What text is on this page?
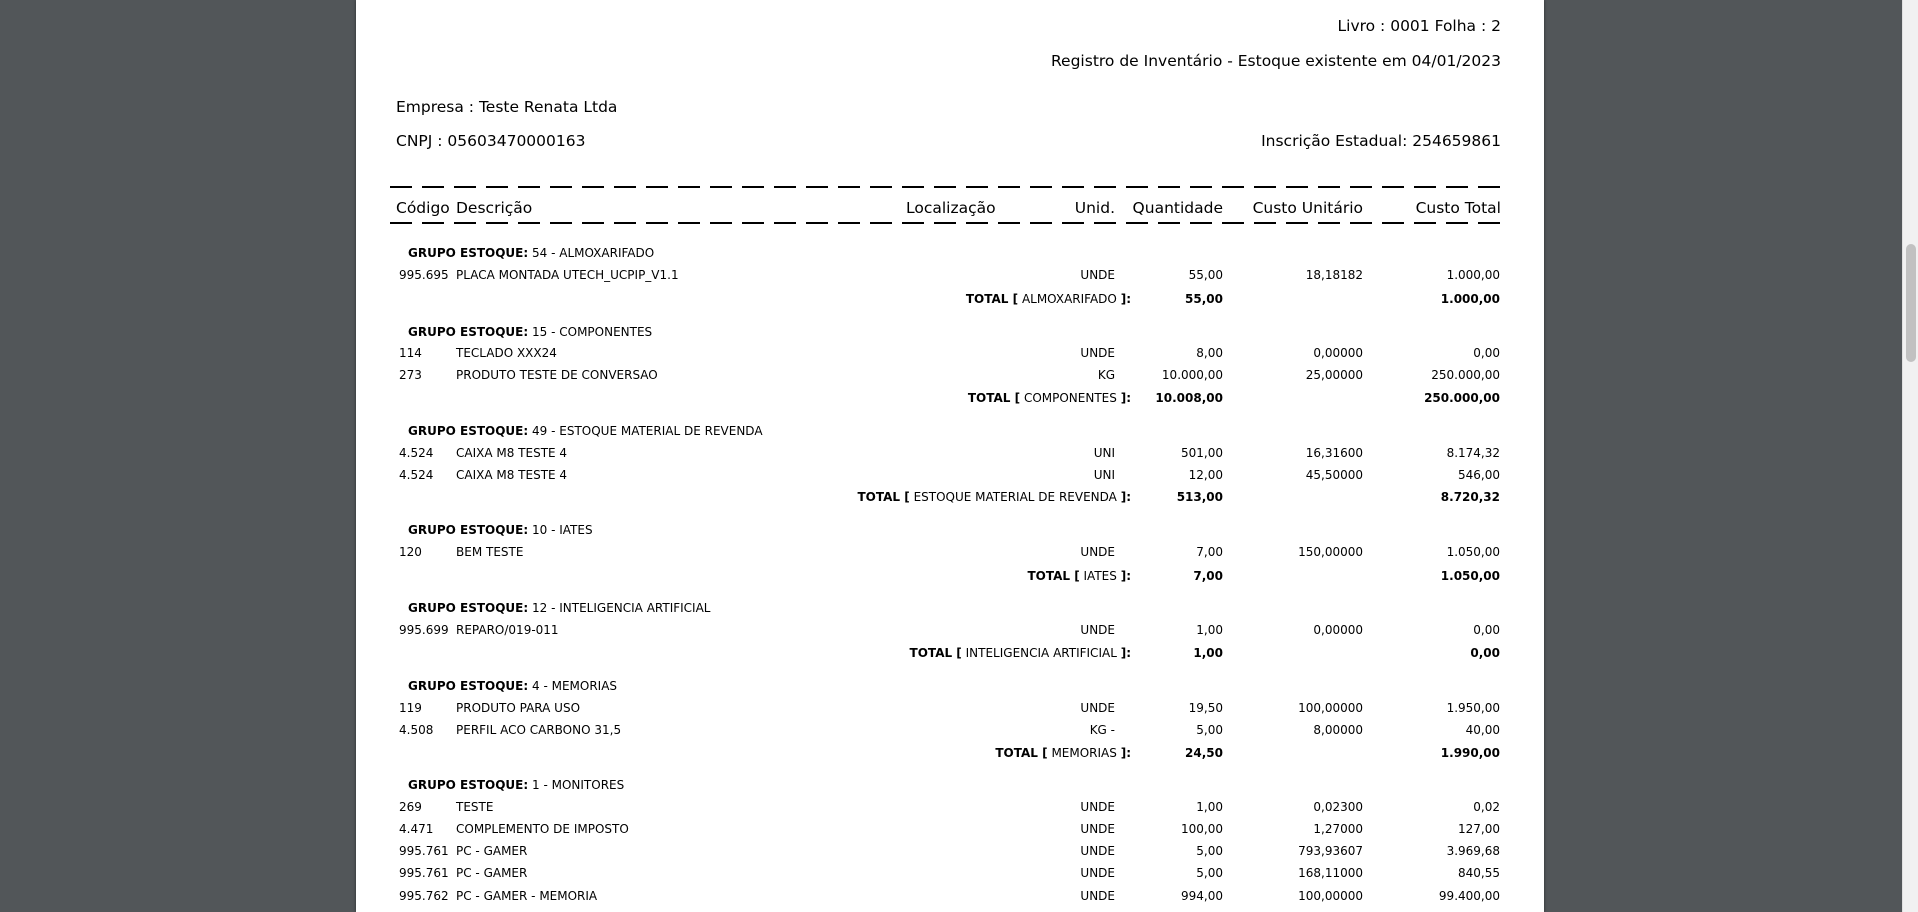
Livro : 0001 Folha : 2
Registro de Inventário - Estoque existente em 04/01/2023
Empresa : Teste Renata Ltda
CNPJ : 05603470000163	Inscrição Estadual: 254659861
Código Descrição	Localização	Unid. Quantidade Custo Unitário	Custo Total
GRUPO ESTOQUE: 54 - ALMOXARIFADO
995.695 PLACA MONTADA UTECH_UCPIP_V1.1	UNDE	55,00	18,18182	1.000,00
TOTAL [ ALMOXARIFADO ]:	55,00	1.000,00
GRUPO ESTOQUE: 15 - COMPONENTES
114	TECLADO XXX24	UNDE	8,00	0,00000	0,00
273	PRODUTO TESTE DE CONVERSAO	KG	10.000,00	25,00000	250.000,00
TOTAL [ COMPONENTES ]: 10.008,00	250.000,00
GRUPO ESTOQUE: 49 - ESTOQUE MATERIAL DE REVENDA
4.524 CAIXA M8 TESTE 4	UNI	501,00	16,31600	8.174,32
4.524 CAIXA M8 TESTE 4	UNI	12,00	45,50000	546,00
TOTAL [ ESTOQUE MATERIAL DE REVENDA ]:	513,00	8.720,32
GRUPO ESTOQUE: 10 - IATES
120	BEM TESTE	UNDE	7,00	150,00000	1.050,00
TOTAL [ IATES ]:	7,00	1.050,00
GRUPO ESTOQUE: 12 - INTELIGENCIA ARTIFICIAL
995.699 REPARO/019-011	UNDE	1,00	0,00000	0,00
TOTAL [ INTELIGENCIA ARTIFICIAL ]:	1,00	0,00
GRUPO ESTOQUE: 4 - MEMORIAS
119	PRODUTO PARA USO	UNDE	19,50	100,00000	1.950,00
4.508 PERFIL ACO CARBONO 31,5	KG -	5,00	8,00000	40,00
TOTAL [ MEMORIAS ]:	24,50	1.990,00
GRUPO ESTOQUE: 1 - MONITORES
269	TESTE	UNDE	1,00	0,02300	0,02
4.471 COMPLEMENTO DE IMPOSTO	UNDE	100,00	1,27000	127,00
995.761 PC - GAMER	UNDE	5,00	793,93607	3.969,68
995.761 PC - GAMER	UNDE	5,00	168,11000	840,55
995.762 PC - GAMER - MEMORIA	UNDE	994,00	100,00000	99.400,00
